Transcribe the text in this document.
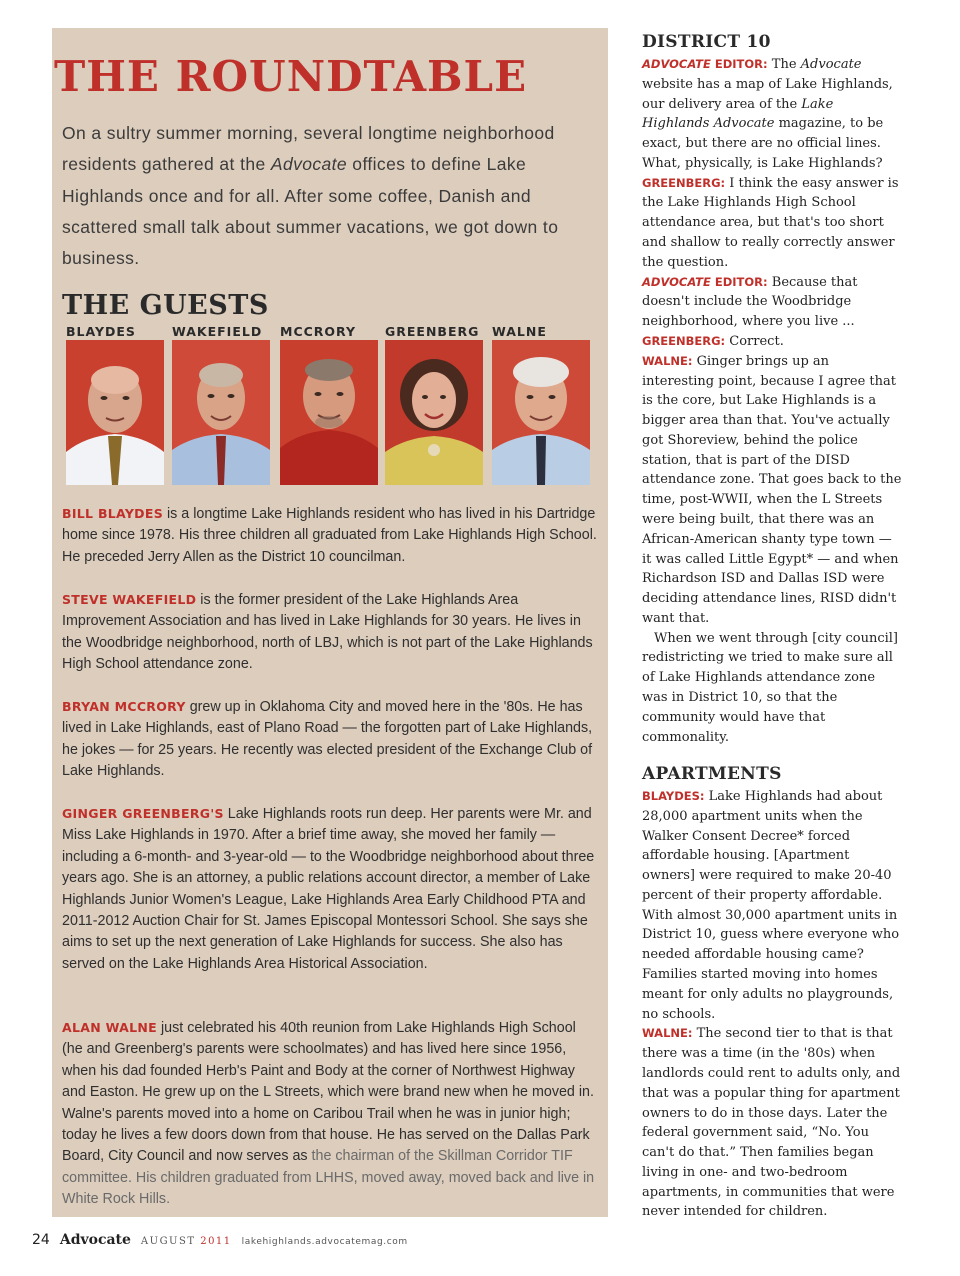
THE ROUNDTABLE

On a sultry summer morning, several longtime neighborhood residents gathered at the Advocate offices to define Lake Highlands once and for all. After some coffee, Danish and scattered small talk about summer vacations, we got down to business.

THE GUESTS
BLAYDES	WAKEFIELD MCCRORY GREENBERG WALNE

BILL BLAYDES is a longtime Lake Highlands resident who has lived in his Dartridge home since 1978. His three children all graduated from Lake Highlands High School. He preceded Jerry Allen as the District 10 councilman.

STEVE WAKEFIELD is the former president of the Lake Highlands Area Improvement Association and has lived in Lake Highlands for 30 years. He lives in the Woodbridge neighborhood, north of LBJ, which is not part of the Lake Highlands High School attendance zone.

BRYAN MCCRORY grew up in Oklahoma City and moved here in the '80s. He has lived in Lake Highlands, east of Plano Road — the forgotten part of Lake Highlands, he jokes — for 25 years. He recently was elected president of the Exchange Club of Lake Highlands.

GINGER GREENBERG'S Lake Highlands roots run deep. Her parents were Mr. and Miss Lake Highlands in 1970. After a brief time away, she moved her family — including a 6-month- and 3-year-old — to the Woodbridge neighborhood about three years ago. She is an attorney, a public relations account director, a member of Lake Highlands Junior Women's League, Lake Highlands Area Early Childhood PTA and 2011-2012 Auction Chair for St. James Episcopal Montessori School. She says she aims to set up the next generation of Lake Highlands for success. She also has served on the Lake Highlands Area Historical Association.

ALAN WALNE just celebrated his 40th reunion from Lake Highlands High School (he and Greenberg's parents were schoolmates) and has lived here since 1956, when his dad founded Herb's Paint and Body at the corner of Northwest Highway and Easton. He grew up on the L Streets, which were brand new when he moved in. Walne's parents moved into a home on Caribou Trail when he was in junior high; today he lives a few doors down from that house. He has served on the Dallas Park Board, City Council and now serves as the chairman of the Skillman Corridor TIF committee. His children graduated from LHHS, moved away, moved back and live in White Rock Hills.

DISTRICT 10
ADVOCATE EDITOR: The Advocate website has a map of Lake Highlands, our delivery area of the Lake Highlands Advocate magazine, to be exact, but there are no official lines. What, physically, is Lake Highlands?
GREENBERG: I think the easy answer is the Lake Highlands High School attendance area, but that's too short and shallow to really correctly answer the question.
ADVOCATE EDITOR: Because that doesn't include the Woodbridge neighborhood, where you live ...
GREENBERG: Correct.
WALNE: Ginger brings up an interesting point, because I agree that is the core, but Lake Highlands is a bigger area than that. You've actually got Shoreview, behind the police station, that is part of the DISD attendance zone. That goes back to the time, post-WWII, when the L Streets were being built, that there was an African-American shanty type town — it was called Little Egypt* — and when Richardson ISD and Dallas ISD were deciding attendance lines, RISD didn't want that.
When we went through [city council] redistricting we tried to make sure all of Lake Highlands attendance zone was in District 10, so that the community would have that commonality.
APARTMENTS
BLAYDES: Lake Highlands had about 28,000 apartment units when the Walker Consent Decree* forced affordable housing. [Apartment owners] were required to make 20-40 percent of their property affordable. With almost 30,000 apartment units in District 10, guess where everyone who needed affordable housing came? Families started moving into homes meant for only adults no playgrounds, no schools.
WALNE: The second tier to that is that there was a time (in the '80s) when landlords could rent to adults only, and that was a popular thing for apartment owners to do in those days. Later the federal government said, “No. You can't do that.” Then families began living in one- and two-bedroom apartments, in communities that were never intended for children.
24 Advocate AUGUST 2011 lakehighlands.advocatemag.com
